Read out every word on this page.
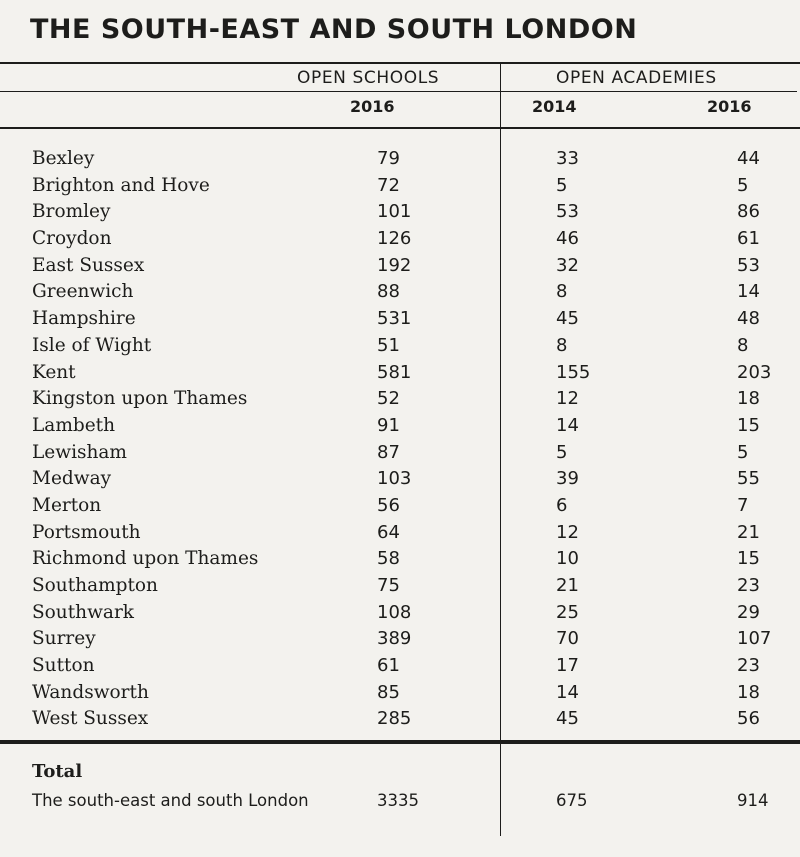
THE SOUTH-EAST AND SOUTH LONDON
OPEN SCHOOLS	OPEN ACADEMIES
2016	2014	2016
Bexley	79	33	44
Brighton and Hove	72	5	5
Bromley	101	53	86
Croydon	126	46	61
East Sussex	192	32	53
Greenwich	88	8	14
Hampshire	531	45	48
Isle of Wight	51	8	8
Kent	581	155	203
Kingston upon Thames	52	12	18
Lambeth	91	14	15
Lewisham	87	5	5
Medway	103	39	55
Merton	56	6	7
Portsmouth	64	12	21
Richmond upon Thames	58	10	15
Southampton	75	21	23
Southwark	108	25	29
Surrey	389	70	107
Sutton	61	17	23
Wandsworth	85	14	18
West Sussex	285	45	56
Total
The south-east and south London	3335	675	914
